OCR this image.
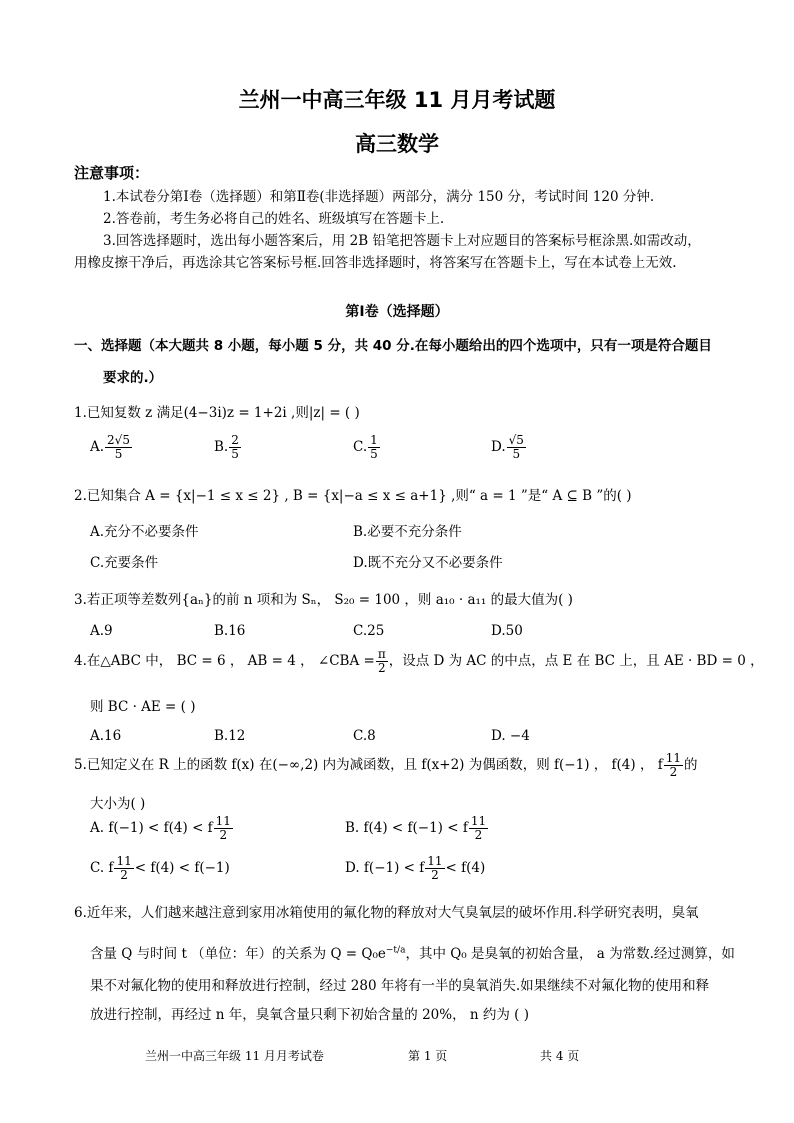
兰州一中高三年级 11 月月考试题
高三数学
注意事项：
1.本试卷分第Ⅰ卷（选择题）和第Ⅱ卷(非选择题）两部分，满分 150 分，考试时间 120 分钟.
2.答卷前，考生务必将自己的姓名、班级填写在答题卡上.
3.回答选择题时，选出每小题答案后，用 2B 铅笔把答题卡上对应题目的答案标号框涂黑.如需改动，
用橡皮擦干净后，再选涂其它答案标号框.回答非选择题时，将答案写在答题卡上，写在本试卷上无效.
第Ⅰ卷（选择题）
一、选择题（本大题共 8 小题，每小题 5 分，共 40 分.在每小题给出的四个选项中，只有一项是符合题目
要求的.）
1.已知复数 z 满足(4−3i)z = 1+2i ,则|z| = ( )
A. $\frac{2√5}{5}$	B. $\frac{2}{5}$	C. $\frac{1}{5}$	D. $\frac{√5}{5}$
2.已知集合 A = {x|−1 ≤ x ≤ 2} , B = {x|−a ≤ x ≤ a+1} ,则“ a = 1 ”是“ A ⊆ B ”的( )
A.充分不必要条件	B.必要不充分条件
C.充要条件	D.既不充分又不必要条件
3.若正项等差数列{aₙ}的前 n 项和为 Sₙ， S₂₀ = 100 ，则 a₁₀ · a₁₁ 的最大值为( )
A.9	B.16	C.25	D.50
4.在△ABC 中， BC = 6 ， AB = 4 ， ∠CBA = $\frac{\pi}{2}$ ，设点 D 为 AC 的中点，点 E 在 BC 上，且 AE · BD = 0 ，
则 BC · AE = ( )
A.16	B.12	C.8	D. −4
5.已知定义在 R 上的函数 f(x) 在(−∞,2) 内为减函数，且 f(x+2) 为偶函数，则 f(−1) ， f(4) ， f $\frac{11}{2}$ 的
大小为( )
A. f(−1) < f(4) < f $\frac{11}{2}$	B. f(4) < f(−1) < f $\frac{11}{2}$
C. f $\frac{11}{2} < f(4) < f(-1)$	D. f(−1) < f $\frac{11}{2} < f(4)$
6.近年来，人们越来越注意到家用冰箱使用的氟化物的释放对大气臭氧层的破坏作用.科学研究表明，臭氧
含量 Q 与时间 t （单位：年）的关系为 $Q = Q_0e^{-t/a}$，其中 Q₀ 是臭氧的初始含量， a 为常数.经过测算，如
果不对氟化物的使用和释放进行控制，经过 280 年将有一半的臭氧消失.如果继续不对氟化物的使用和释
放进行控制，再经过 n 年，臭氧含量只剩下初始含量的 20%， n 约为 ( )
兰州一中高三年级 11 月月考试卷	第 1 页	共 4 页
